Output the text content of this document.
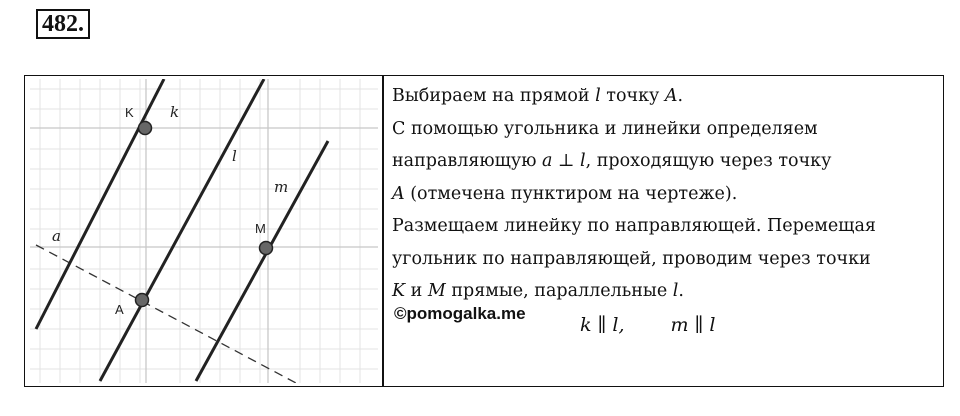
482.
K k
l
m
M
a
A
Выбираем на прямой l точку A.
С помощью угольника и линейки определяем
направляющую a ⊥ l, проходящую через точку
A (отмечена пунктиром на чертеже).
Размещаем линейку по направляющей. Перемещая
угольник по направляющей, проводим через точки
K и M прямые, параллельные l.
©pomogalka.me
k ∥ l, m ∥ l
